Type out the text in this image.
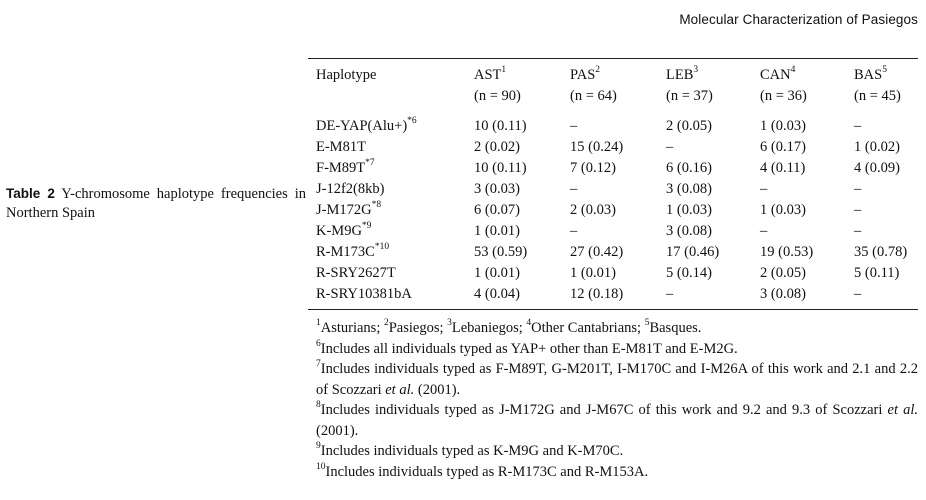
Molecular Characterization of Pasiegos
Table 2 Y-chromosome haplotype frequencies in Northern Spain
	Haplotype	AST$^1$	PAS$^2$	LEB$^3$	CAN$^4$	BAS$^5$
		(n = 90)	(n = 64)	(n = 37)	(n = 36)	(n = 45)
	$DE-YAP(Alu+)^{*6}$	10 (0.11)	–	2 (0.05)	1 (0.03)	–
	E-M81T	2 (0.02)	15 (0.24)	–	6 (0.17)	1 (0.02)
	$F-M89T^{*7}$	10 (0.11)	7 (0.12)	6 (0.16)	4 (0.11)	4 (0.09)
	J-12f2(8kb)	3 (0.03)	–	3 (0.08)	–	–
	$J-M172G^{*8}$	6 (0.07)	2 (0.03)	1 (0.03)	1 (0.03)	–
	$K-M9G^{*9}$	1 (0.01)	–	3 (0.08)	–	–
	$R-M173C^{*10}$	53 (0.59)	27 (0.42)	17 (0.46)	19 (0.53)	35 (0.78)
	R-SRY2627T	1 (0.01)	1 (0.01)	5 (0.14)	2 (0.05)	5 (0.11)
	R-SRY10381bA	4 (0.04)	12 (0.18)	–	3 (0.08)	–

$^1$Asturians; $^2$Pasiegos; $^3$Lebaniegos; $^4$Other Cantabrians; $^5$Basques.

$^6$Includes all individuals typed as YAP+ other than E-M81T and E-M2G.

$^7$Includes individuals typed as F-M89T, G-M201T, I-M170C and I-M26A of this work and 2.1 and 2.2 of Scozzari et al. (2001).

$^8$Includes individuals typed as J-M172G and J-M67C of this work and 9.2 and 9.3 of Scozzari et al. (2001).

$^9$Includes individuals typed as K-M9G and K-M70C.

$^{10}$Includes individuals typed as R-M173C and R-M153A.
